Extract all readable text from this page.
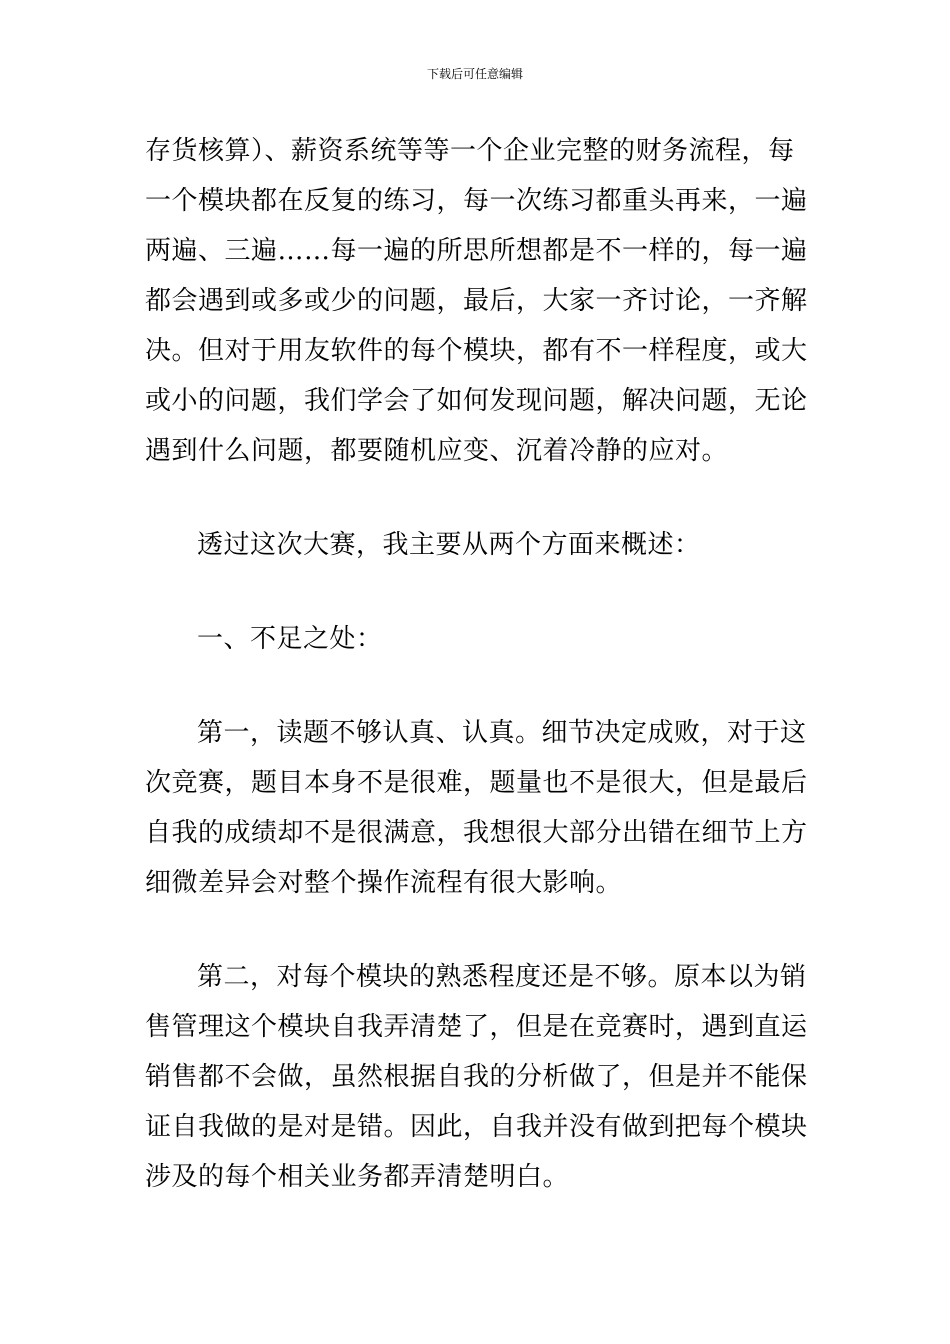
下载后可任意编辑
存货核算）、薪资系统等等一个企业完整的财务流程，每
一个模块都在反复的练习，每一次练习都重头再来，一遍
两遍、三遍……每一遍的所思所想都是不一样的，每一遍
都会遇到或多或少的问题，最后，大家一齐讨论，一齐解
决。但对于用友软件的每个模块，都有不一样程度，或大
或小的问题，我们学会了如何发现问题，解决问题，无论
遇到什么问题，都要随机应变、沉着冷静的应对。
透过这次大赛，我主要从两个方面来概述：
一、不足之处：
第一，读题不够认真、认真。细节决定成败，对于这
次竞赛，题目本身不是很难，题量也不是很大，但是最后
自我的成绩却不是很满意，我想很大部分出错在细节上方
细微差异会对整个操作流程有很大影响。
第二，对每个模块的熟悉程度还是不够。原本以为销
售管理这个模块自我弄清楚了，但是在竞赛时，遇到直运
销售都不会做，虽然根据自我的分析做了，但是并不能保
证自我做的是对是错。因此，自我并没有做到把每个模块
涉及的每个相关业务都弄清楚明白。
